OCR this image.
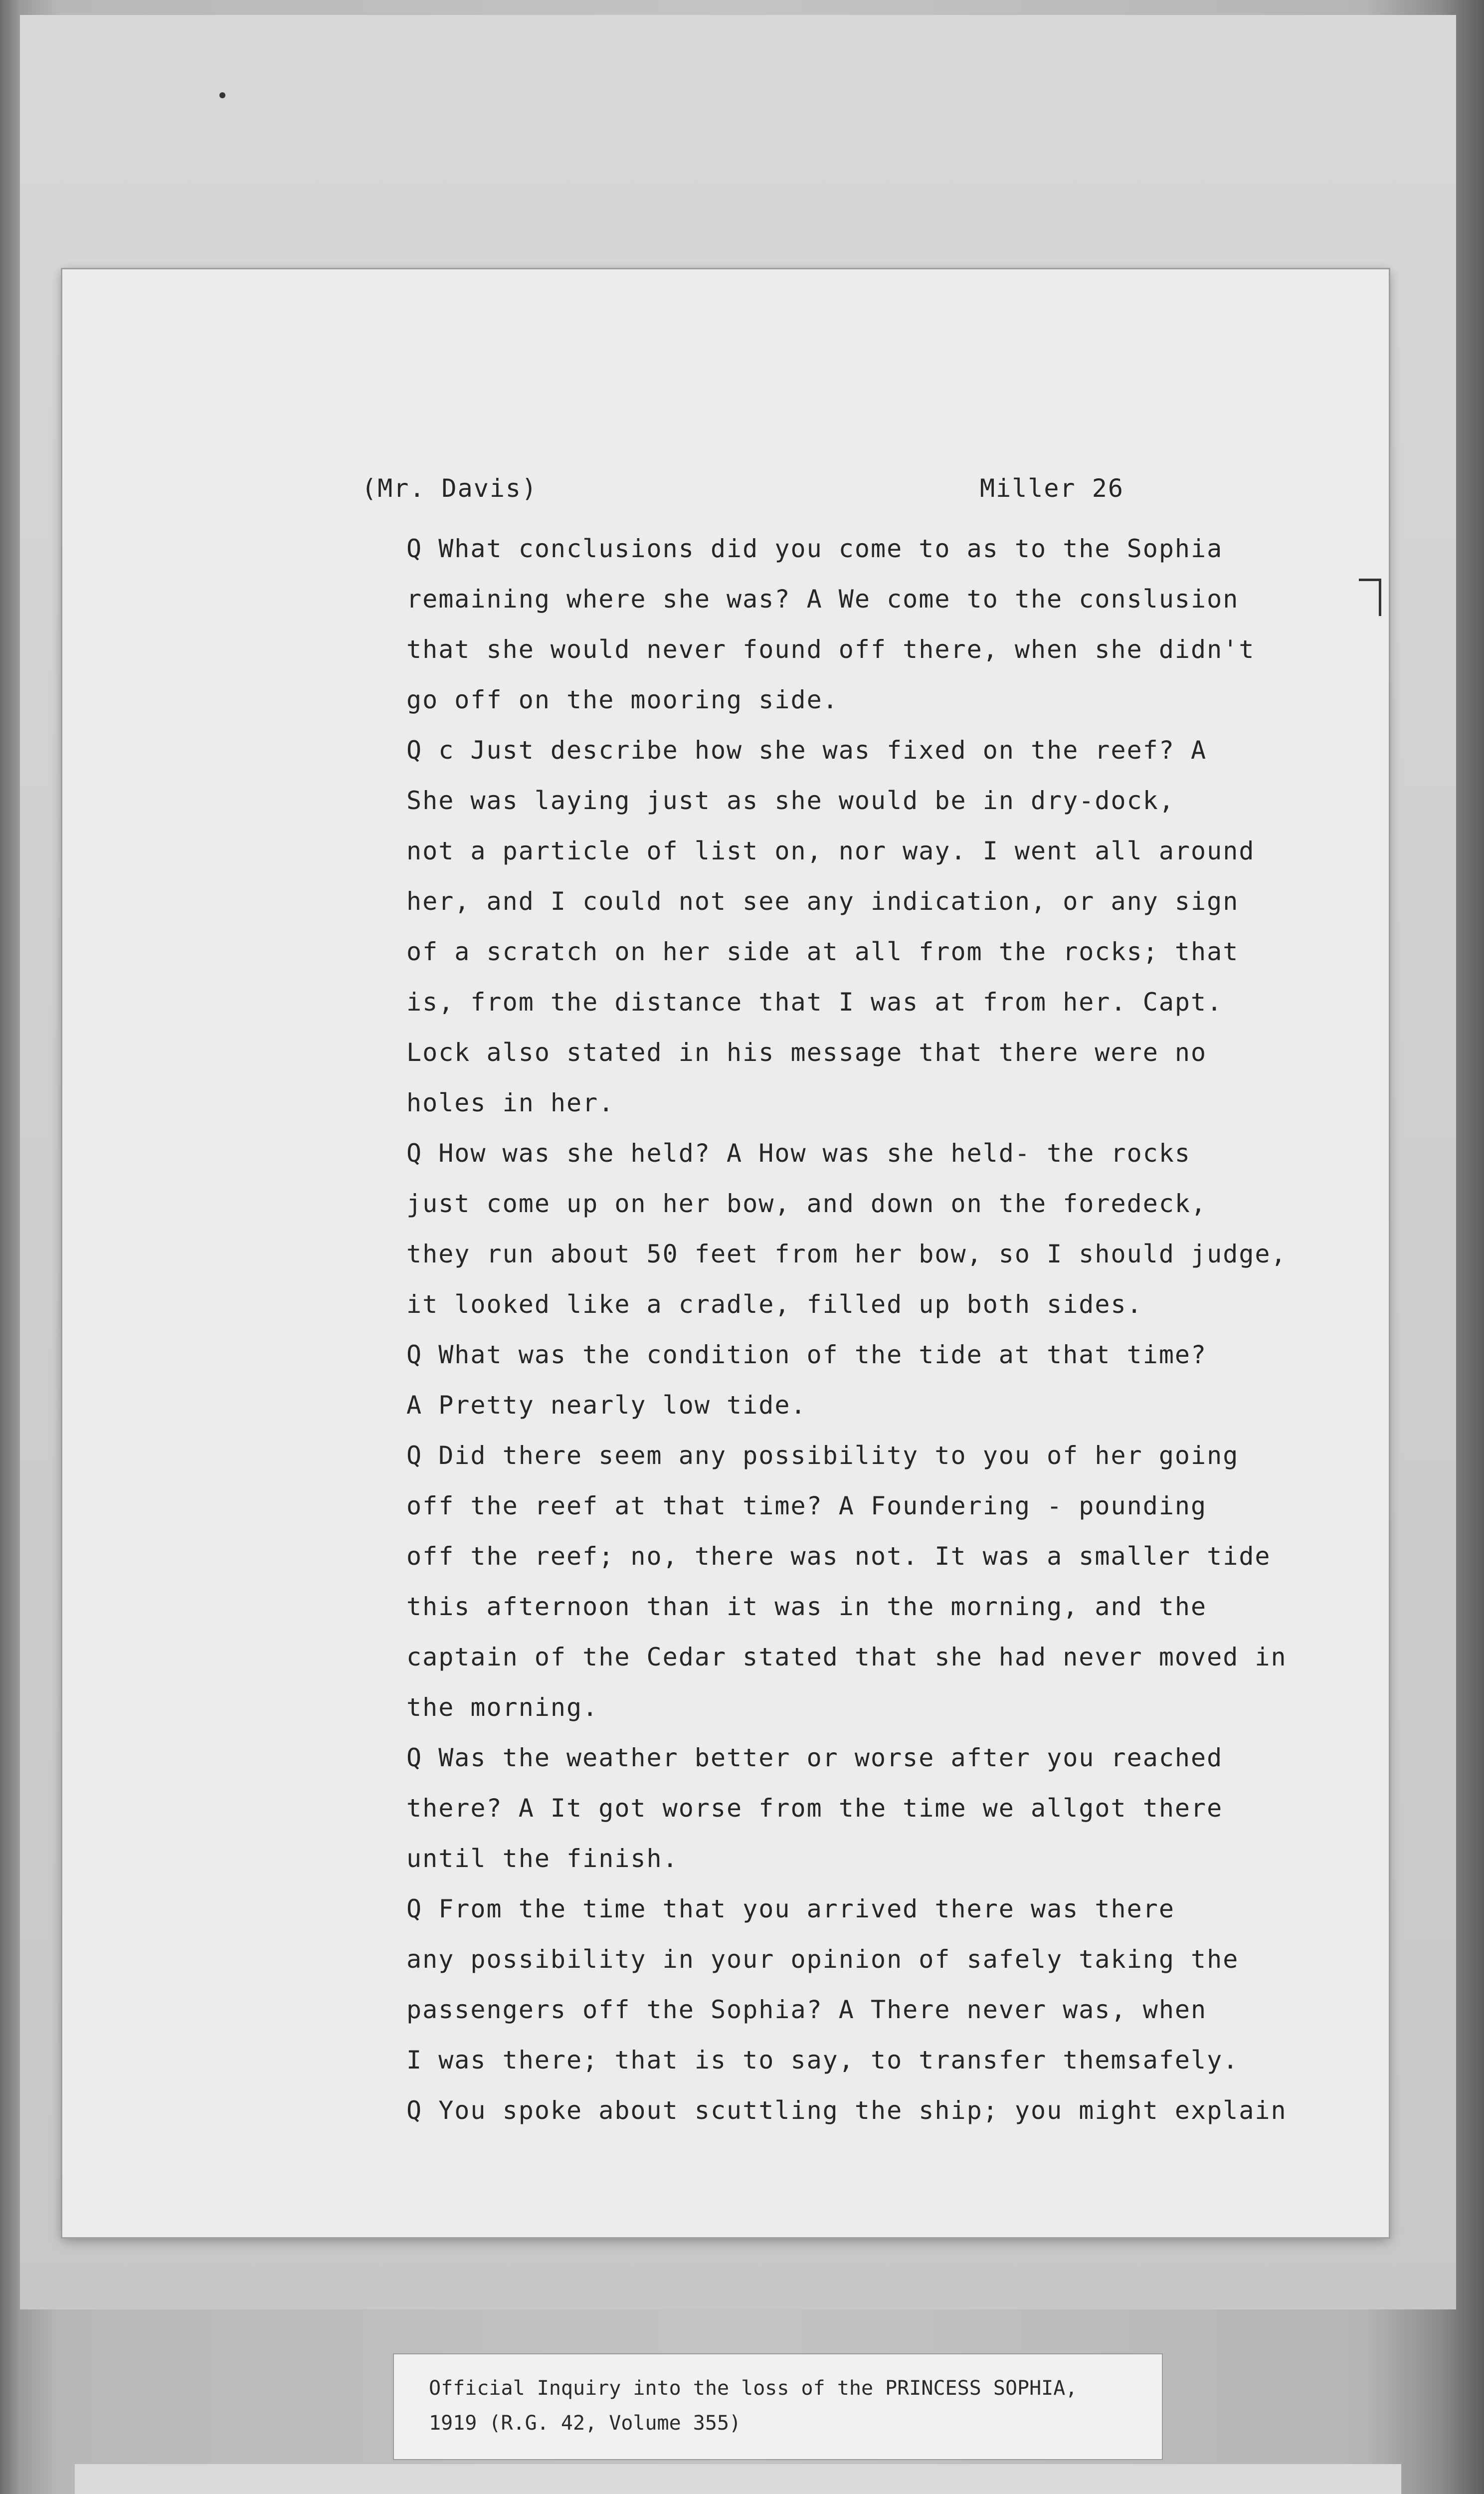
(Mr. Davis)	Miller 26
Q What conclusions did you come to as to the Sophia
remaining where she was? A We come to the conslusion
that she would never found off there, when she didn't
go off on the mooring side.
Q c Just describe how she was fixed on the reef? A
She was laying just as she would be in dry-dock,
not a particle of list on, nor way. I went all around
her, and I could not see any indication, or any sign
of a scratch on her side at all from the rocks; that
is, from the distance that I was at from her. Capt.
Lock also stated in his message that there were no
holes in her.
Q How was she held? A How was she held- the rocks
just come up on her bow, and down on the foredeck,
they run about 50 feet from her bow, so I should judge,
it looked like a cradle, filled up both sides.
Q What was the condition of the tide at that time?
A Pretty nearly low tide.
Q Did there seem any possibility to you of her going
off the reef at that time? A Foundering - pounding
off the reef; no, there was not. It was a smaller tide
this afternoon than it was in the morning, and the
captain of the Cedar stated that she had never moved in
the morning.
Q Was the weather better or worse after you reached
there? A It got worse from the time we allgot there
until the finish.
Q From the time that you arrived there was there
any possibility in your opinion of safely taking the
passengers off the Sophia? A There never was, when
I was there; that is to say, to transfer themsafely.
Q You spoke about scuttling the ship; you might explain
Official Inquiry into the loss of the PRINCESS SOPHIA,
1919 (R.G. 42, Volume 355)
